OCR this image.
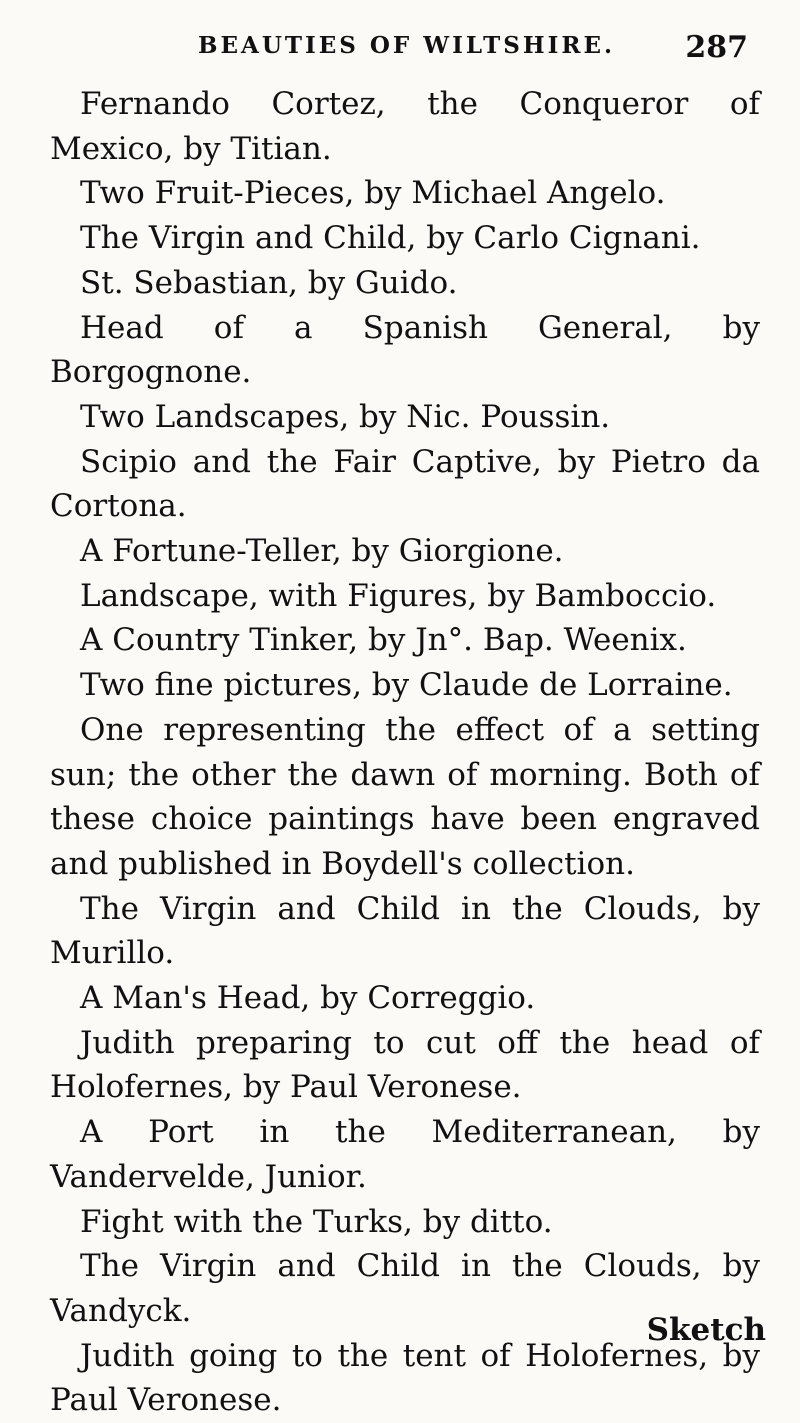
BEAUTIES OF WILTSHIRE. 287

Fernando Cortez, the Conqueror of Mexico, by Titian.

Two Fruit-Pieces, by Michael Angelo.

The Virgin and Child, by Carlo Cignani.

St. Sebastian, by Guido.

Head of a Spanish General, by Borgognone.

Two Landscapes, by Nic. Poussin.

Scipio and the Fair Captive, by Pietro da Cortona.

A Fortune-Teller, by Giorgione.

Landscape, with Figures, by Bamboccio.

A Country Tinker, by Jn°. Bap. Weenix.

Two fine pictures, by Claude de Lorraine.

One representing the effect of a setting sun; the other the dawn of morning. Both of these choice paintings have been engraved and published in Boydell's collection.

The Virgin and Child in the Clouds, by Murillo.

A Man's Head, by Correggio.

Judith preparing to cut off the head of Holofernes, by Paul Veronese.

A Port in the Mediterranean, by Vandervelde, Junior.

Fight with the Turks, by ditto.

The Virgin and Child in the Clouds, by Vandyck.

Judith going to the tent of Holofernes, by Paul Veronese.

Sketch
